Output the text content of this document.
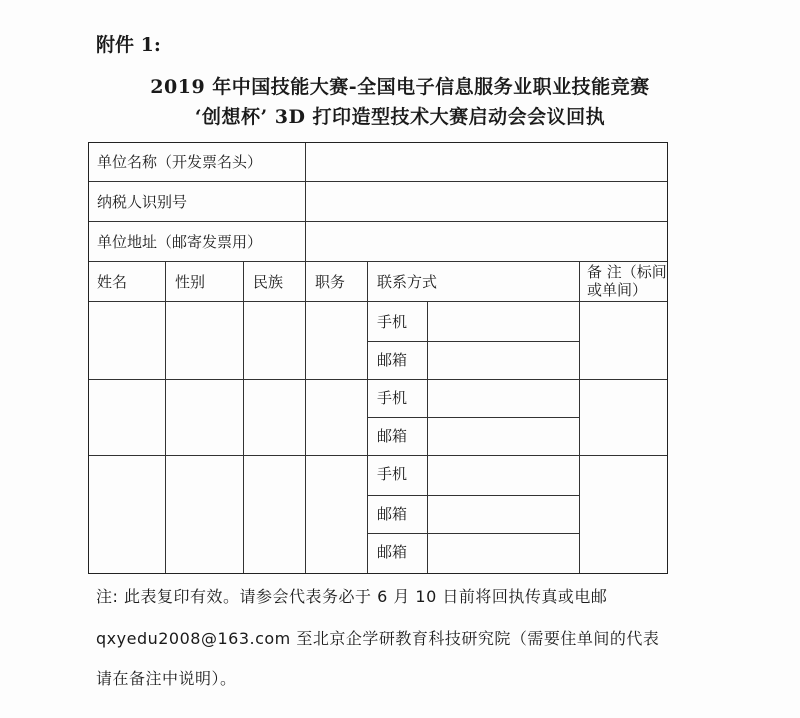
附件 1:
2019 年中国技能大赛-全国电子信息服务业职业技能竞赛
‘创想杯’ 3D 打印造型技术大赛启动会会议回执
单位名称（开发票名头）
纳税人识别号
单位地址（邮寄发票用）
姓名	性别	民族 职务 联系方式
备 注（标间
或单间）
手机
邮箱
手机
邮箱
手机
邮箱
邮箱
注: 此表复印有效。请参会代表务必于 6 月 10 日前将回执传真或电邮
qxyedu2008@163.com 至北京企学研教育科技研究院（需要住单间的代表
请在备注中说明）。
